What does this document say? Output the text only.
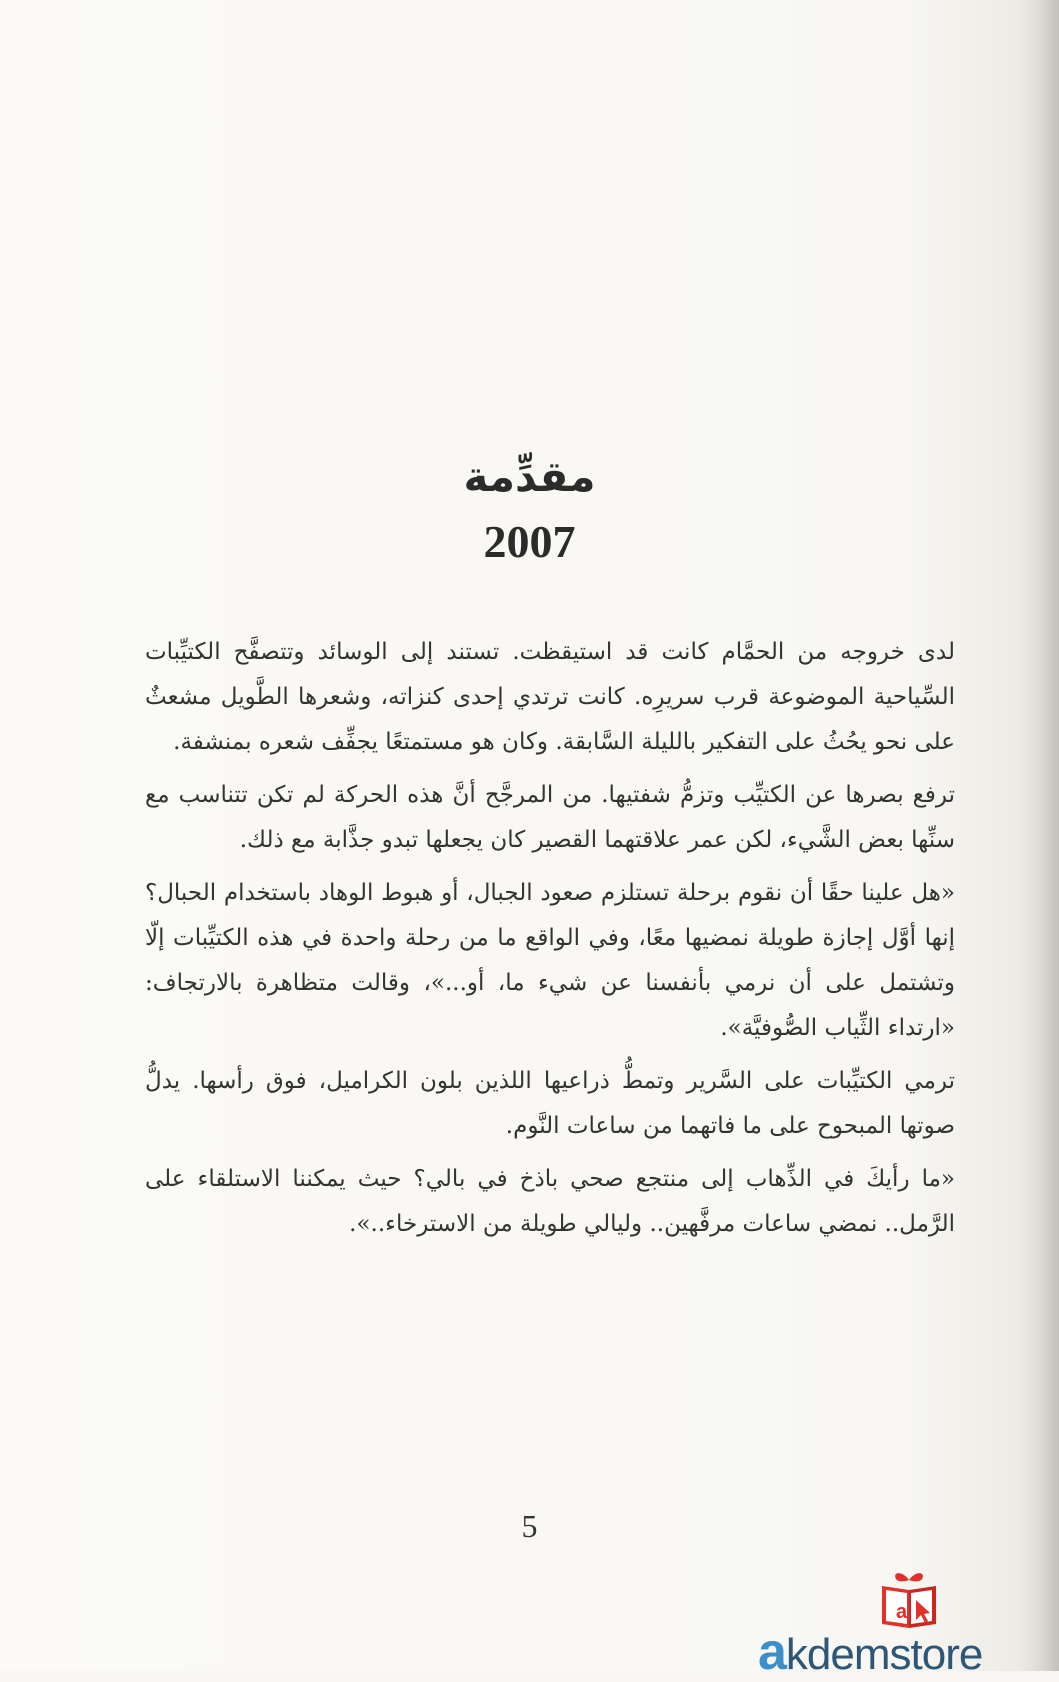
مقدِّمة
2007

لدى خروجه من الحمَّام كانت قد استيقظت. تستند إلى الوسائد وتتصفَّح الكتيِّبات السِّياحية الموضوعة قرب سريرِه. كانت ترتدي إحدى كنزاته، وشعرها الطَّويل مشعثٌ على نحو يحُثُ على التفكير بالليلة السَّابقة. وكان هو مستمتعًا يجفِّف شعره بمنشفة.

ترفع بصرها عن الكتيِّب وتزمُّ شفتيها. من المرجَّح أنَّ هذه الحركة لم تكن تتناسب مع سنِّها بعض الشَّيء، لكن عمر علاقتهما القصير كان يجعلها تبدو جذَّابة مع ذلك.

«هل علينا حقًا أن نقوم برحلة تستلزم صعود الجبال، أو هبوط الوهاد باستخدام الحبال؟ إنها أوَّل إجازة طويلة نمضيها معًا، وفي الواقع ما من رحلة واحدة في هذه الكتيِّبات إلّا وتشتمل على أن نرمي بأنفسنا عن شيء ما، أو...»، وقالت متظاهرة بالارتجاف: «ارتداء الثِّياب الصُّوفيَّة».

ترمي الكتيِّبات على السَّرير وتمطُّ ذراعيها اللذين بلون الكراميل، فوق رأسها. يدلُّ صوتها المبحوح على ما فاتهما من ساعات النَّوم.

«ما رأيكَ في الذِّهاب إلى منتجع صحي باذخ في بالي؟ حيث يمكننا الاستلقاء على الرَّمل.. نمضي ساعات مرفَّهين.. وليالي طويلة من الاسترخاء..».

5
a
akdemstore
